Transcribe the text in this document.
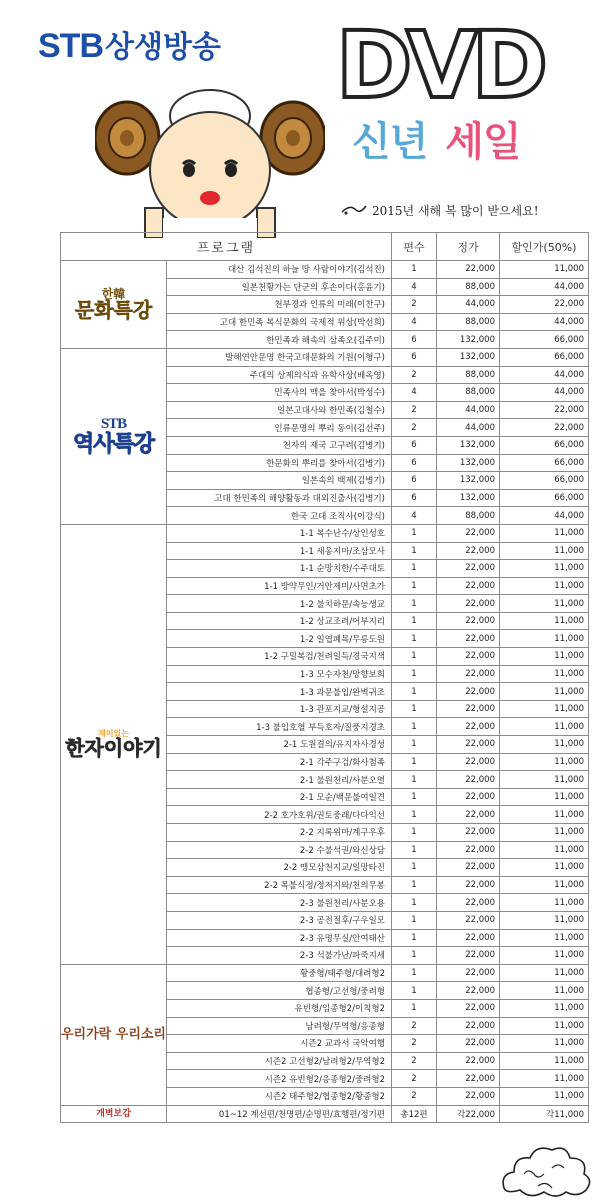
STB상생방송 DVD
신년 세일
2015년 새해 복 많이 받으세요!
프로그램		편수	정가	할인가(50%)

한韓
문화특강	대산 김석진의 하늘 땅 사람이야기(김석진)	1	22,000	11,000
	일본천황가는 단군의 후손이다(홍윤기)	4	88,000	44,000
	천부경과 인류의 미래(이찬구)	2	44,000	22,000
	고대 한민족 복식문화의 국제적 위상(박선희)	4	88,000	44,000
	한민족과 해속의 삼족오(김주미)	6	132,000	66,000

STB
역사특강	발해연안문명 한국고대문화의 기원(이형구)	6	132,000	66,000
	주대의 상제의식과 유학사상(배옥영)	2	88,000	44,000
	민족사의 맥을 찾아서(박성수)	4	88,000	44,000
	일본고대사와 한민족(김철수)	2	44,000	22,000
	인류문명의 뿌리 동이(김선주)	2	44,000	22,000
	천자의 제국 고구려(김병기)	6	132,000	66,000
	한문화의 뿌리를 찾아서(김병기)	6	132,000	66,000
	일본속의 백제(김병기)	6	132,000	66,000
	고대 한민족의 해양활동과 대외진출사(김병기)	6	132,000	66,000
	한국 고대 조직사(이강식)	4	88,000	44,000

재미있는
한자이야기	1-1 복수난수/상인성호	1	22,000	11,000
	1-1 새옹지마/조삼모사	1	22,000	11,000
	1-1 순망치한/수주대토	1	22,000	11,000
	1-1 방약무인/거안제미/사면초가	1	22,000	11,000
	1-2 불치하문/속능생교	1	22,000	11,000
	1-2 상교조려/어부지리	1	22,000	11,000
	1-2 일엽폐목/무릉도원	1	22,000	11,000
	1-2 구밀복검/천려일득/경국지색	1	22,000	11,000
	1-3 모수자천/망향보희	1	22,000	11,000
	1-3 과문불입/완벽귀조	1	22,000	11,000
	1-3 관포지교/형설지공	1	22,000	11,000
	1-3 불입호혈 부득호자/질풍지경초	1	22,000	11,000
	2-1 도원결의/유지자사경성	1	22,000	11,000
	2-1 각주구검/화사첨족	1	22,000	11,000
	2-1 불원천리/사분오열	1	22,000	11,000
	2-1 모순/백문불여일견	1	22,000	11,000
	2-2 호가호위/권토중래/다다익선	1	22,000	11,000
	2-2 지록위마/계구우후	1	22,000	11,000
	2-2 수불석권/와신상담	1	22,000	11,000
	2-2 맹모삼천지교/일망타진	1	22,000	11,000
	2-2 목불식정/정저지와/천의무봉	1	22,000	11,000
	2-3 불원천리/사분오용	1	22,000	11,000
	2-3 공전절후/구우일모	1	22,000	11,000
	2-3 유명무실/안여태산	1	22,000	11,000
	2-3 석불가난/파죽지세	1	22,000	11,000
우리가락 우리소리	황중형/태주형/대려형2	1	22,000	11,000
	협종형/고선형/중려형	1	22,000	11,000
	유빈형/임종형2/이칙형2	1	22,000	11,000
	남려형/무역형/응종형	2	22,000	11,000
	시즌2 교과서 국악여행	2	22,000	11,000
	시즌2 고선형2/남려형2/무역형2	2	22,000	11,000
	시즌2 유빈형2/응종형2/중려형2	2	22,000	11,000
	시즌2 태주형2/협종형2/황종형2	2	22,000	11,000
개벽보감	01~12 계선편/천명편/순명편/효행편/정기편	총12편	각22,000	각11,000
